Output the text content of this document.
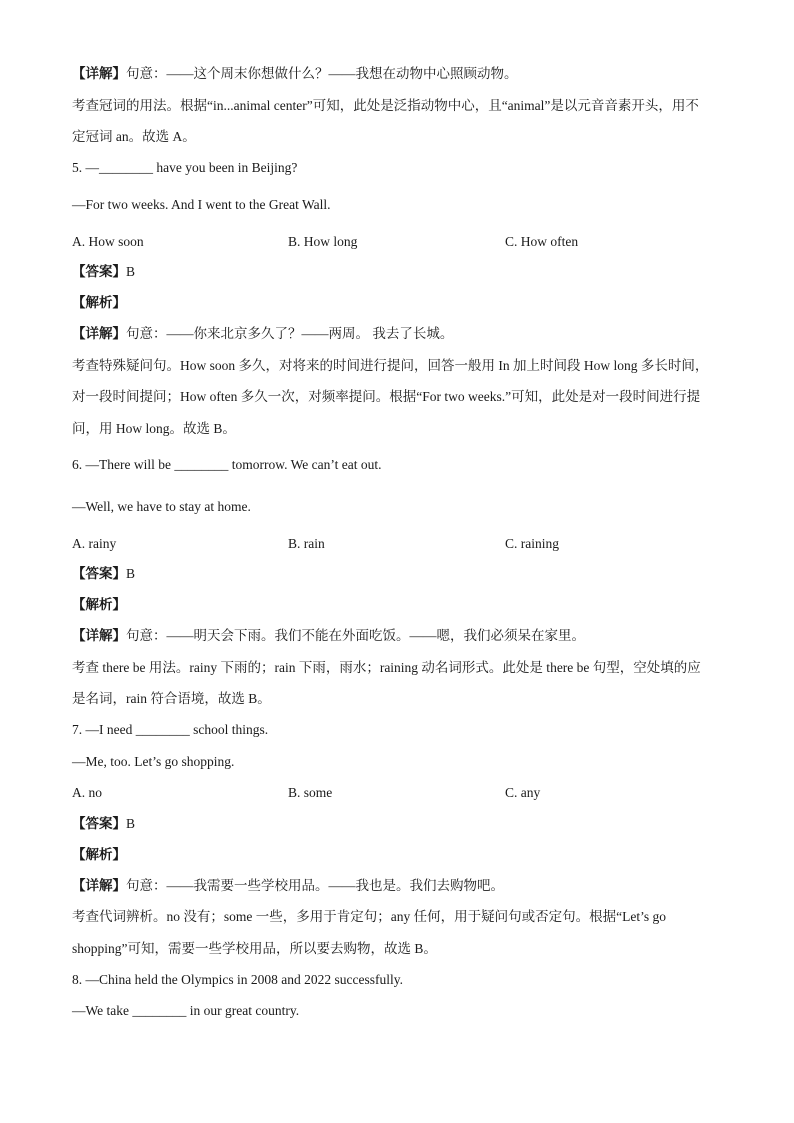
【详解】句意：——这个周末你想做什么？——我想在动物中心照顾动物。
考查冠词的用法。根据“in...animal center”可知，此处是泛指动物中心，且“animal”是以元音音素开头，用不
定冠词 an。故选 A。
5. —________ have you been in Beijing?
—For two weeks. And I went to the Great Wall.
A. How soon	B. How long	C. How often
【答案】B
【解析】
【详解】句意：——你来北京多久了？——两周。 我去了长城。
考查特殊疑问句。How soon 多久，对将来的时间进行提问，回答一般用 In 加上时间段 How long 多长时间，
对一段时间提问；How often 多久一次，对频率提问。根据“For two weeks.”可知，此处是对一段时间进行提
问，用 How long。故选 B。
6. —There will be ________ tomorrow. We can’t eat out.
—Well, we have to stay at home.
A. rainy	B. rain	C. raining
【答案】B
【解析】
【详解】句意：——明天会下雨。我们不能在外面吃饭。——嗯，我们必须呆在家里。
考查 there be 用法。rainy 下雨的；rain 下雨，雨水；raining 动名词形式。此处是 there be 句型，空处填的应
是名词，rain 符合语境，故选 B。
7. —I need ________ school things.
—Me, too. Let’s go shopping.
A. no	B. some	C. any
【答案】B
【解析】
【详解】句意：——我需要一些学校用品。——我也是。我们去购物吧。
考查代词辨析。no 没有；some 一些，多用于肯定句；any 任何，用于疑问句或否定句。根据“Let’s go
shopping”可知，需要一些学校用品，所以要去购物，故选 B。
8. —China held the Olympics in 2008 and 2022 successfully.
—We take ________ in our great country.
